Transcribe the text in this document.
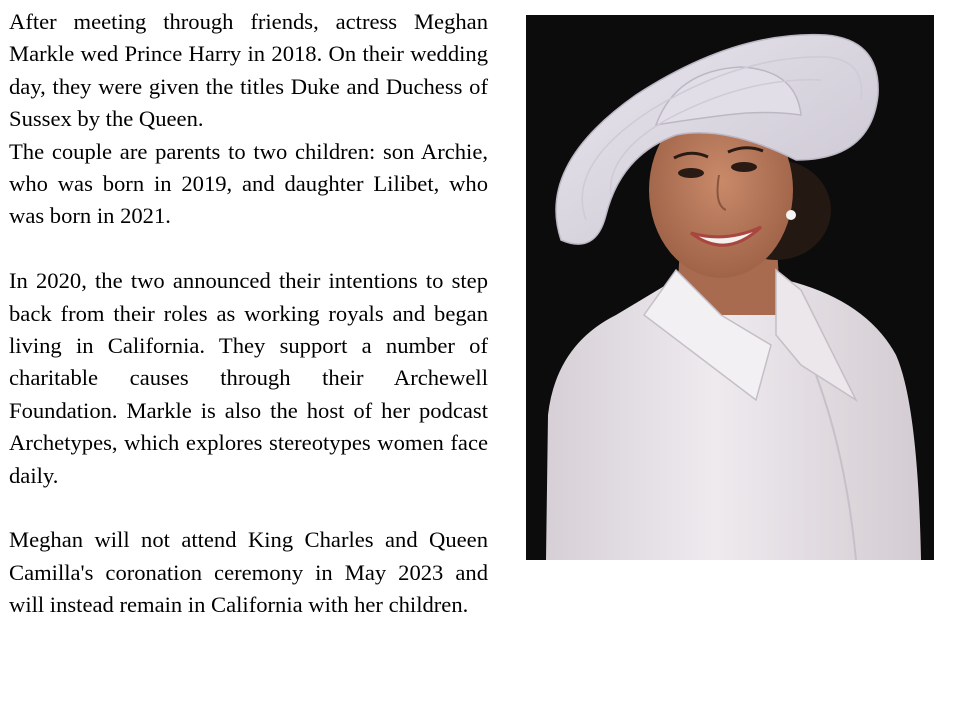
After meeting through friends, actress Meghan Markle wed Prince Harry in 2018. On their wedding day, they were given the titles Duke and Duchess of Sussex by the Queen.

The couple are parents to two children: son Archie, who was born in 2019, and daughter Lilibet, who was born in 2021.

In 2020, the two announced their intentions to step back from their roles as working royals and began living in California. They support a number of charitable causes through their Archewell Foundation. Markle is also the host of her podcast Archetypes, which explores stereotypes women face daily.

Meghan will not attend King Charles and Queen Camilla's coronation ceremony in May 2023 and will instead remain in California with her children.
